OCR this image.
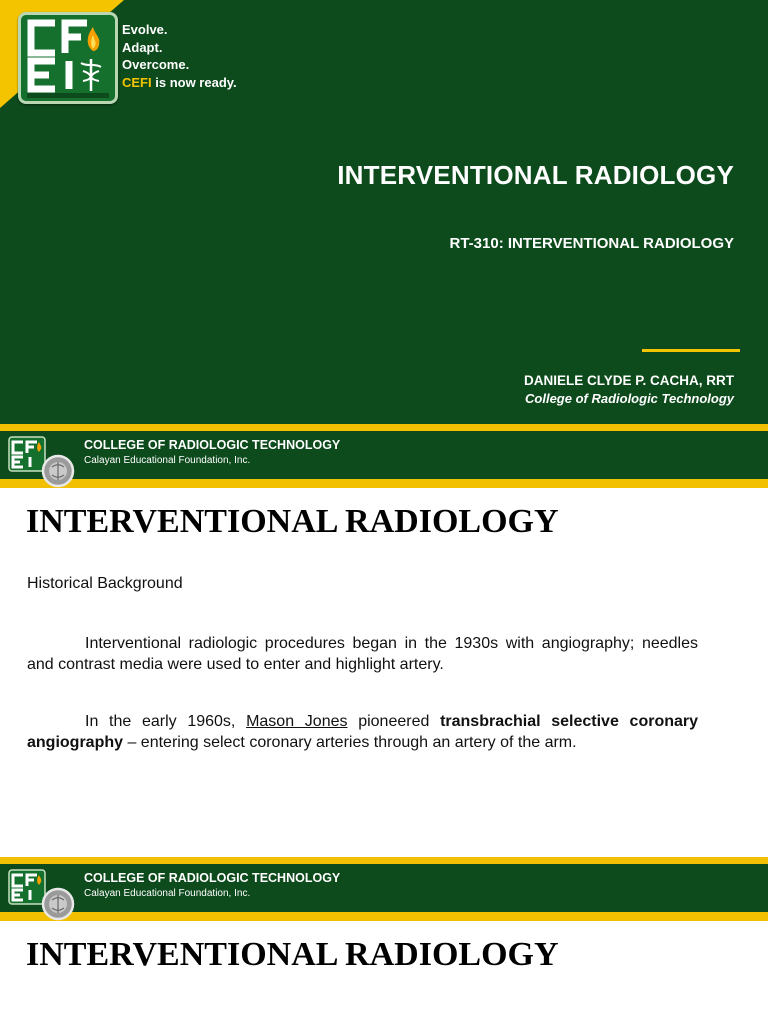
Evolve.
Adapt.
Overcome.
CEFI is now ready.
INTERVENTIONAL RADIOLOGY
RT-310: INTERVENTIONAL RADIOLOGY
DANIELE CLYDE P. CACHA, RRT
College of Radiologic Technology
COLLEGE OF RADIOLOGIC TECHNOLOGY
Calayan Educational Foundation, Inc.
INTERVENTIONAL RADIOLOGY
Historical Background

Interventional radiologic procedures began in the 1930s with angiography; needles and contrast media were used to enter and highlight artery.

In the early 1960s, Mason Jones pioneered transbrachial selective coronary angiography – entering select coronary arteries through an artery of the arm.

COLLEGE OF RADIOLOGIC TECHNOLOGY
Calayan Educational Foundation, Inc.
INTERVENTIONAL RADIOLOGY
